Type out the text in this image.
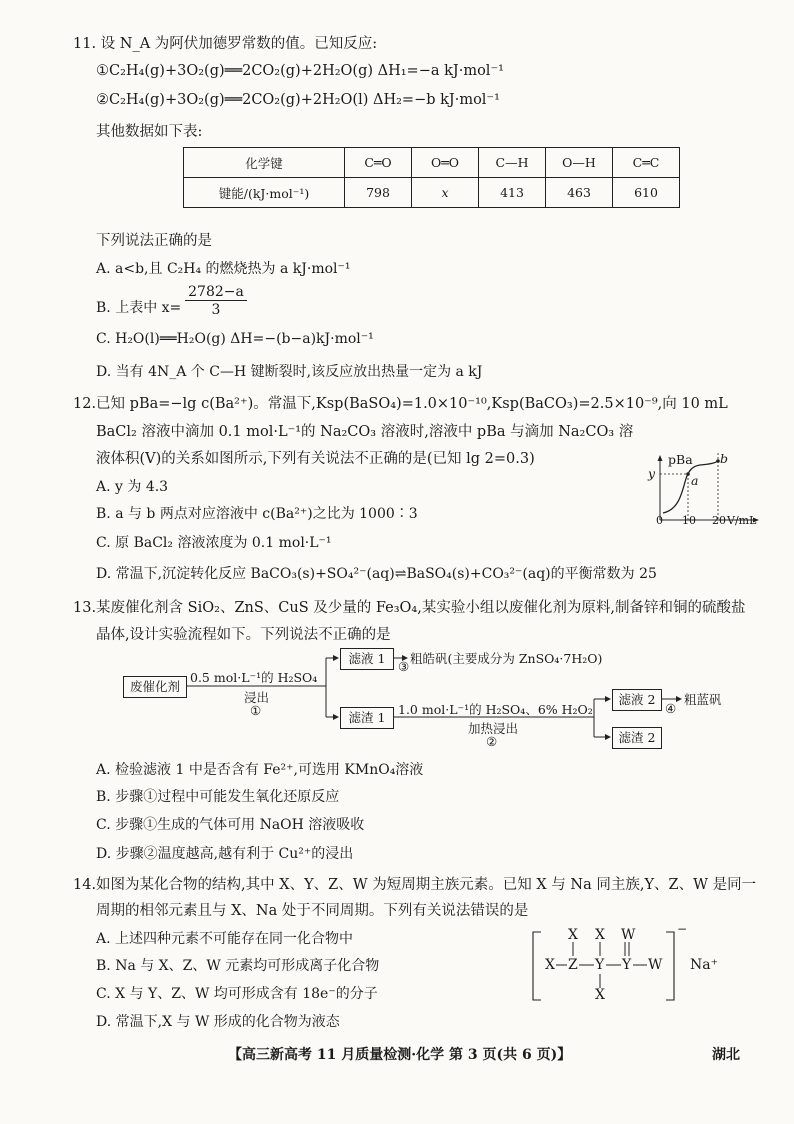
11. 设 N_A 为阿伏加德罗常数的值。已知反应:
①C₂H₄(g)+3O₂(g)══2CO₂(g)+2H₂O(g) ΔH₁=−a kJ·mol⁻¹
②C₂H₄(g)+3O₂(g)══2CO₂(g)+2H₂O(l) ΔH₂=−b kJ·mol⁻¹
其他数据如下表:
化学键	C═O	O═O	C—H	O—H	C═C
键能/(kJ·mol⁻¹)	798	x	413	463	610
下列说法正确的是
A. a<b,且 C₂H₄ 的燃烧热为 a kJ·mol⁻¹
B. 上表中 x=
2782−a
3
C. H₂O(l)══H₂O(g) ΔH=−(b−a)kJ·mol⁻¹
D. 当有 4N_A 个 C—H 键断裂时,该反应放出热量一定为 a kJ
12.已知 pBa=−lg c(Ba²⁺)。常温下,Ksp(BaSO₄)=1.0×10⁻¹⁰,Ksp(BaCO₃)=2.5×10⁻⁹,向 10 mL
BaCl₂ 溶液中滴加 0.1 mol·L⁻¹的 Na₂CO₃ 溶液时,溶液中 pBa 与滴加 Na₂CO₃ 溶
液体积(V)的关系如图所示,下列有关说法不正确的是(已知 lg 2=0.3)
A. y 为 4.3
B. a 与 b 两点对应溶液中 c(Ba²⁺)之比为 1000∶3
C. 原 BaCl₂ 溶液浓度为 0.1 mol·L⁻¹
D. 常温下,沉淀转化反应 BaCO₃(s)+SO₄²⁻(aq)⇌BaSO₄(s)+CO₃²⁻(aq)的平衡常数为 25
pBa
V/mL
0 10 20
y	a
b
13.某废催化剂含 SiO₂、ZnS、CuS 及少量的 Fe₃O₄,某实验小组以废催化剂为原料,制备锌和铜的硫酸盐
晶体,设计实验流程如下。下列说法不正确的是
废催化剂
0.5 mol·L⁻¹的 H₂SO₄
浸出
①
滤液 1
③
粗皓矾(主要成分为 ZnSO₄·7H₂O)
滤渣 1
1.0 mol·L⁻¹的 H₂SO₄、6% H₂O₂
加热浸出
②
滤液 2
④
粗蓝矾
滤渣 2
A. 检验滤液 1 中是否含有 Fe²⁺,可选用 KMnO₄溶液
B. 步骤①过程中可能发生氧化还原反应
C. 步骤①生成的气体可用 NaOH 溶液吸收
D. 步骤②温度越高,越有利于 Cu²⁺的浸出
14.如图为某化合物的结构,其中 X、Y、Z、W 为短周期主族元素。已知 X 与 Na 同主族,Y、Z、W 是同一
周期的相邻元素且与 X、Na 处于不同周期。下列有关说法错误的是
A. 上述四种元素不可能存在同一化合物中
B. Na 与 X、Z、W 元素均可形成离子化合物
C. X 与 Y、Z、W 均可形成含有 18e⁻的分子
D. 常温下,X 与 W 形成的化合物为液态
X X W
X Z Y Y W
X
−
Na⁺
【高三新高考 11 月质量检测·化学 第 3 页(共 6 页)】	湖北
